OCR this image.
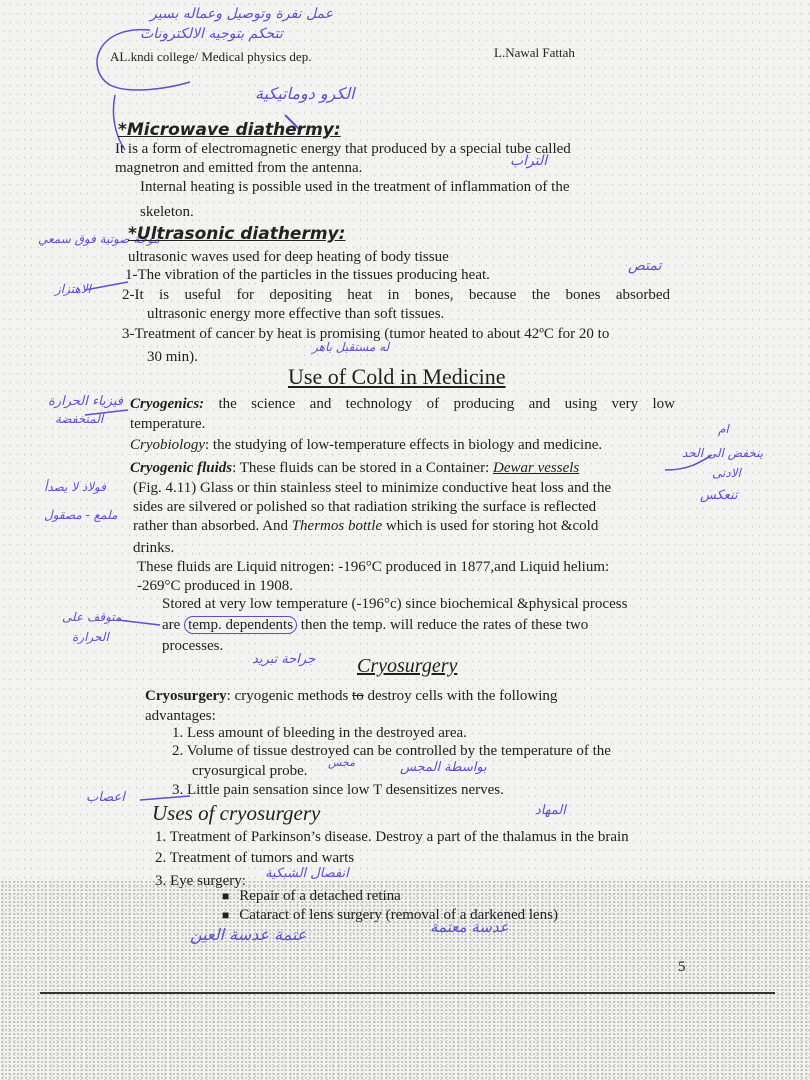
AL.kndi college/ Medical physics dep.	L.Nawal Fattah
عمل نفرة وتوصيل وعماله بسير
تتحكم بتوجيه الالكترونات
الكرو دوماتيكية
*Microwave diathermy:
It is a form of electromagnetic energy that produced by a special tube called
magnetron and emitted from the antenna.	التراب
Internal heating is possible used in the treatment of inflammation of the
skeleton.
موجة صوتية فوق سمعي
*Ultrasonic diathermy:
ultrasonic waves used for deep heating of body tissue
الاهتزاز
1-The vibration of the particles in the tissues producing heat.
تمتص
2-It is useful for depositing heat in bones, because the bones absorbed
ultrasonic energy more effective than soft tissues.
3-Treatment of cancer by heat is promising (tumor heated to about 42ºC for 20 to
30 min).
له مستقبل باهر
Use of Cold in Medicine
فيزياء الحرارة
المنخفضة
Cryogenics: the science and technology of producing and using very low
temperature.
Cryobiology: the studying of low-temperature effects in biology and medicine.
ام
ينخفض الى الحد
الادنى
تنعكس
فولاذ لا يصدأ
ملمع - مصقول
Cryogenic fluids: These fluids can be stored in a Container: Dewar vessels
(Fig. 4.11) Glass or thin stainless steel to minimize conductive heat loss and the
sides are silvered or polished so that radiation striking the surface is reflected
rather than absorbed. And Thermos bottle which is used for storing hot &cold
drinks.
These fluids are Liquid nitrogen: -196°C produced in 1877,and Liquid helium:
-269°C produced in 1908.
متوقف على
الحرارة
Stored at very low temperature (-196°c) since biochemical &physical process
are temp. dependents then the temp. will reduce the rates of these two
processes.
جراحة تبريد Cryosurgery
Cryosurgery: cryogenic methods to destroy cells with the following
advantages:
1. Less amount of bleeding in the destroyed area.
2. Volume of tissue destroyed can be controlled by the temperature of the
cryosurgical probe.
مجس	بواسطة المجس
اعصاب	3. Little pain sensation since low T desensitizes nerves.
Uses of cryosurgery	المهاد
1. Treatment of Parkinson’s disease. Destroy a part of the thalamus in the brain
2. Treatment of tumors and warts
3. Eye surgery: انفصال الشبكية
■ Repair of a detached retina
■ Cataract of lens surgery (removal of a darkened lens)
عتمة عدسة العين	عدسة معتمة
5
